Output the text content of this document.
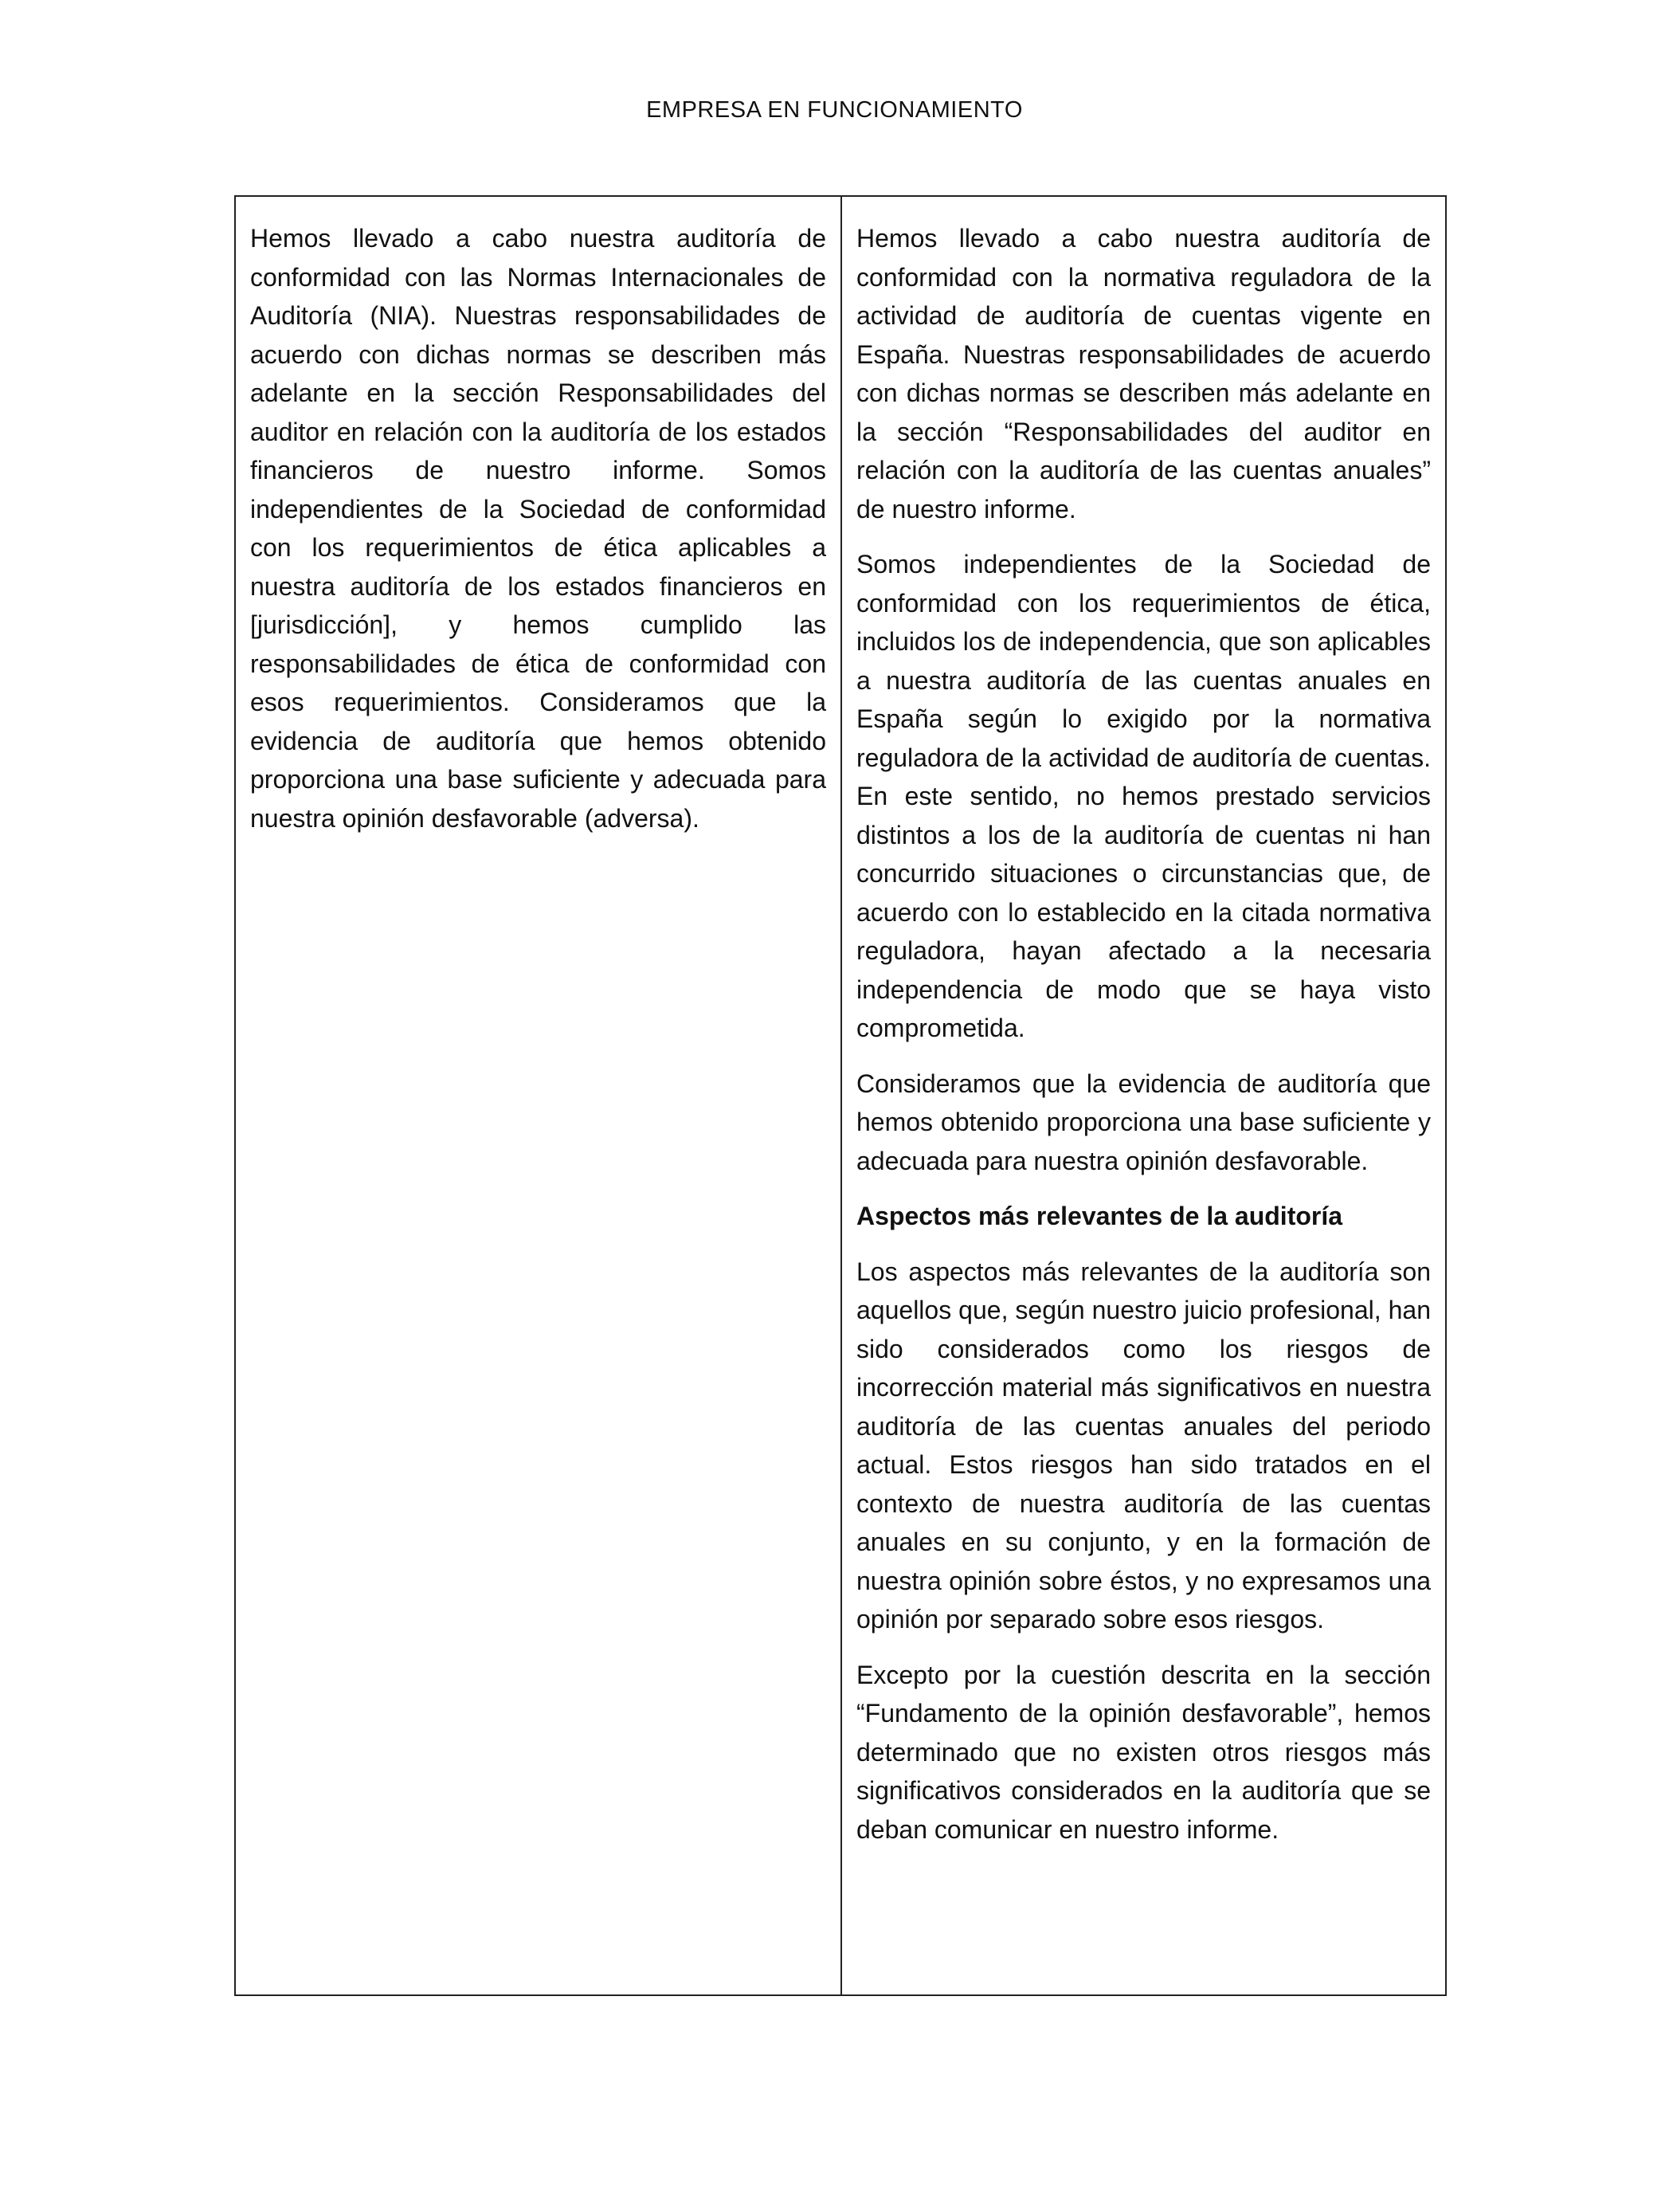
EMPRESA EN FUNCIONAMIENTO

Hemos llevado a cabo nuestra auditoría de conformidad con las Normas Internacionales de Auditoría (NIA). Nuestras responsabilidades de acuerdo con dichas normas se describen más adelante en la sección Responsabilidades del auditor en relación con la auditoría de los estados financieros de nuestro informe. Somos independientes de la Sociedad de conformidad con los requerimientos de ética aplicables a nuestra auditoría de los estados financieros en [jurisdicción], y hemos cumplido las responsabilidades de ética de conformidad con esos requerimientos. Consideramos que la evidencia de auditoría que hemos obtenido proporciona una base suficiente y adecuada para nuestra opinión desfavorable (adversa).

Hemos llevado a cabo nuestra auditoría de conformidad con la normativa reguladora de la actividad de auditoría de cuentas vigente en España. Nuestras responsabilidades de acuerdo con dichas normas se describen más adelante en la sección “Responsabilidades del auditor en relación con la auditoría de las cuentas anuales” de nuestro informe.

Somos independientes de la Sociedad de conformidad con los requerimientos de ética, incluidos los de independencia, que son aplicables a nuestra auditoría de las cuentas anuales en España según lo exigido por la normativa reguladora de la actividad de auditoría de cuentas. En este sentido, no hemos prestado servicios distintos a los de la auditoría de cuentas ni han concurrido situaciones o circunstancias que, de acuerdo con lo establecido en la citada normativa reguladora, hayan afectado a la necesaria independencia de modo que se haya visto comprometida.

Consideramos que la evidencia de auditoría que hemos obtenido proporciona una base suficiente y adecuada para nuestra opinión desfavorable.

Aspectos más relevantes de la auditoría

Los aspectos más relevantes de la auditoría son aquellos que, según nuestro juicio profesional, han sido considerados como los riesgos de incorrección material más significativos en nuestra auditoría de las cuentas anuales del periodo actual. Estos riesgos han sido tratados en el contexto de nuestra auditoría de las cuentas anuales en su conjunto, y en la formación de nuestra opinión sobre éstos, y no expresamos una opinión por separado sobre esos riesgos.

Excepto por la cuestión descrita en la sección “Fundamento de la opinión desfavorable”, hemos determinado que no existen otros riesgos más significativos considerados en la auditoría que se deban comunicar en nuestro informe.
